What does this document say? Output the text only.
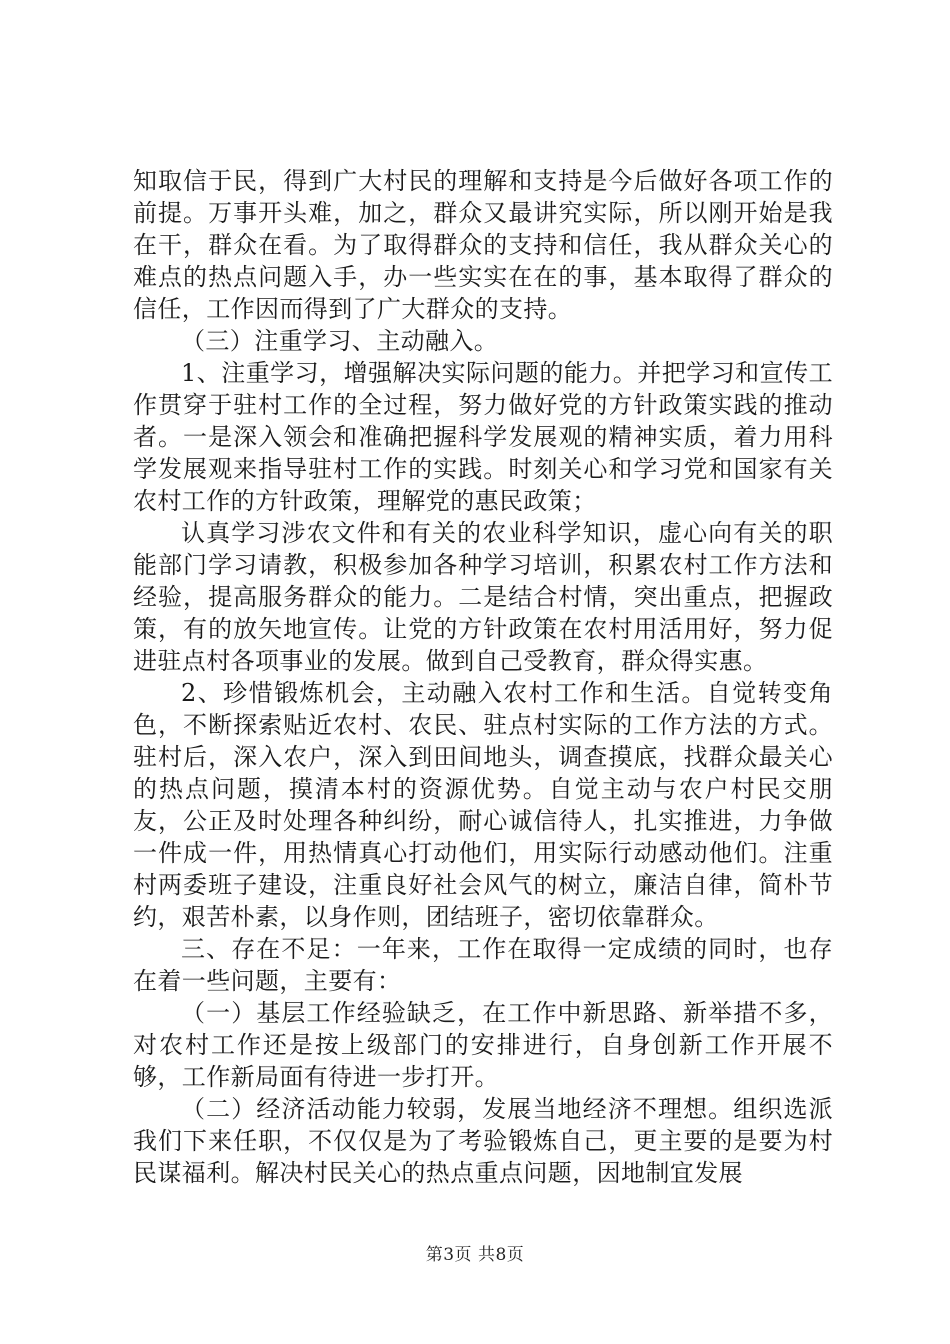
知取信于民，得到广大村民的理解和支持是今后做好各项工作的前提。万事开头难，加之，群众又最讲究实际，所以刚开始是我在干，群众在看。为了取得群众的支持和信任，我从群众关心的难点的热点问题入手，办一些实实在在的事，基本取得了群众的信任，工作因而得到了广大群众的支持。

（三）注重学习、主动融入。

1、注重学习，增强解决实际问题的能力。并把学习和宣传工作贯穿于驻村工作的全过程，努力做好党的方针政策实践的推动者。一是深入领会和准确把握科学发展观的精神实质，着力用科学发展观来指导驻村工作的实践。时刻关心和学习党和国家有关农村工作的方针政策，理解党的惠民政策；

认真学习涉农文件和有关的农业科学知识，虚心向有关的职能部门学习请教，积极参加各种学习培训，积累农村工作方法和经验，提高服务群众的能力。二是结合村情，突出重点，把握政策，有的放矢地宣传。让党的方针政策在农村用活用好，努力促进驻点村各项事业的发展。做到自己受教育，群众得实惠。

2、珍惜锻炼机会，主动融入农村工作和生活。自觉转变角色，不断探索贴近农村、农民、驻点村实际的工作方法的方式。驻村后，深入农户，深入到田间地头，调查摸底，找群众最关心的热点问题，摸清本村的资源优势。自觉主动与农户村民交朋友，公正及时处理各种纠纷，耐心诚信待人，扎实推进，力争做一件成一件，用热情真心打动他们，用实际行动感动他们。注重村两委班子建设，注重良好社会风气的树立，廉洁自律，简朴节约，艰苦朴素，以身作则，团结班子，密切依靠群众。

三、存在不足：一年来，工作在取得一定成绩的同时，也存在着一些问题，主要有：

（一）基层工作经验缺乏，在工作中新思路、新举措不多，对农村工作还是按上级部门的安排进行，自身创新工作开展不够，工作新局面有待进一步打开。

（二）经济活动能力较弱，发展当地经济不理想。组织选派我们下来任职，不仅仅是为了考验锻炼自己，更主要的是要为村民谋福利。解决村民关心的热点重点问题，因地制宜发展

第3页 共8页
